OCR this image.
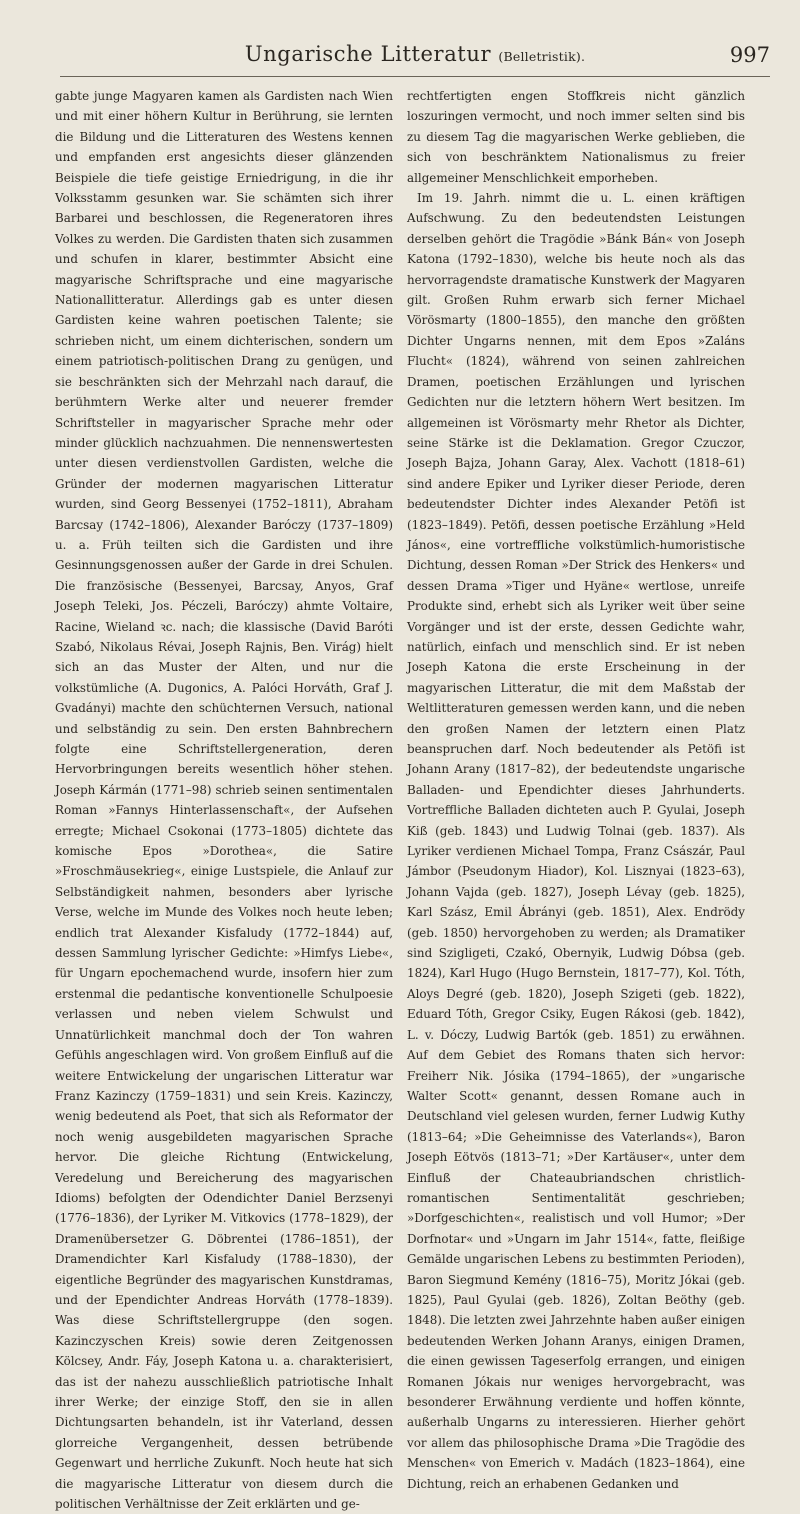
Ungarische Litteratur (Belletristik).	997

gabte junge Magyaren kamen als Gardisten nach Wien und mit einer höhern Kultur in Berührung, sie lernten die Bildung und die Litteraturen des Westens kennen und empfanden erst angesichts dieser glänzenden Beispiele die tiefe geistige Erniedrigung, in die ihr Volksstamm gesunken war. Sie schämten sich ihrer Barbarei und beschlossen, die Regeneratoren ihres Volkes zu werden. Die Gardisten thaten sich zusammen und schufen in klarer, bestimmter Absicht eine magyarische Schriftsprache und eine magyarische Nationallitteratur. Allerdings gab es unter diesen Gardisten keine wahren poetischen Talente; sie schrieben nicht, um einem dichterischen, sondern um einem patriotisch-politischen Drang zu genügen, und sie beschränkten sich der Mehrzahl nach darauf, die berühmtern Werke alter und neuerer fremder Schriftsteller in magyarischer Sprache mehr oder minder glücklich nachzuahmen. Die nennenswertesten unter diesen verdienstvollen Gardisten, welche die Gründer der modernen magyarischen Litteratur wurden, sind Georg Bessenyei (1752–1811), Abraham Barcsay (1742–1806), Alexander Baróczy (1737–1809) u. a. Früh teilten sich die Gardisten und ihre Gesinnungsgenossen außer der Garde in drei Schulen. Die französische (Bessenyei, Barcsay, Anyos, Graf Joseph Teleki, Jos. Péczeli, Baróczy) ahmte Voltaire, Racine, Wieland ꝛc. nach; die klassische (David Baróti Szabó, Nikolaus Révai, Joseph Rajnis, Ben. Virág) hielt sich an das Muster der Alten, und nur die volkstümliche (A. Dugonics, A. Palóci Horváth, Graf J. Gvadányi) machte den schüchternen Versuch, national und selbständig zu sein. Den ersten Bahnbrechern folgte eine Schriftstellergeneration, deren Hervorbringungen bereits wesentlich höher stehen. Joseph Kármán (1771–98) schrieb seinen sentimentalen Roman »Fannys Hinterlassenschaft«, der Aufsehen erregte; Michael Csokonai (1773–1805) dichtete das komische Epos »Dorothea«, die Satire »Froschmäusekrieg«, einige Lustspiele, die Anlauf zur Selbständigkeit nahmen, besonders aber lyrische Verse, welche im Munde des Volkes noch heute leben; endlich trat Alexander Kisfaludy (1772–1844) auf, dessen Sammlung lyrischer Gedichte: »Himfys Liebe«, für Ungarn epochemachend wurde, insofern hier zum erstenmal die pedantische konventionelle Schulpoesie verlassen und neben vielem Schwulst und Unnatürlichkeit manchmal doch der Ton wahren Gefühls angeschlagen wird. Von großem Einfluß auf die weitere Entwickelung der ungarischen Litteratur war Franz Kazinczy (1759–1831) und sein Kreis. Kazinczy, wenig bedeutend als Poet, that sich als Reformator der noch wenig ausgebildeten magyarischen Sprache hervor. Die gleiche Richtung (Entwickelung, Veredelung und Bereicherung des magyarischen Idioms) befolgten der Odendichter Daniel Berzsenyi (1776–1836), der Lyriker M. Vitkovics (1778–1829), der Dramenübersetzer G. Döbrentei (1786–1851), der Dramendichter Karl Kisfaludy (1788–1830), der eigentliche Begründer des magyarischen Kunstdramas, und der Ependichter Andreas Horváth (1778–1839). Was diese Schriftstellergruppe (den sogen. Kazinczyschen Kreis) sowie deren Zeitgenossen Kölcsey, Andr. Fáy, Joseph Katona u. a. charakterisiert, das ist der nahezu ausschließlich patriotische Inhalt ihrer Werke; der einzige Stoff, den sie in allen Dichtungsarten behandeln, ist ihr Vaterland, dessen glorreiche Vergangenheit, dessen betrübende Gegenwart und herrliche Zukunft. Noch heute hat sich die magyarische Litteratur von diesem durch die politischen Verhältnisse der Zeit erklärten und ge-

rechtfertigten engen Stoffkreis nicht gänzlich loszuringen vermocht, und noch immer selten sind bis zu diesem Tag die magyarischen Werke geblieben, die sich von beschränktem Nationalismus zu freier allgemeiner Menschlichkeit emporheben.

Im 19. Jahrh. nimmt die u. L. einen kräftigen Aufschwung. Zu den bedeutendsten Leistungen derselben gehört die Tragödie »Bánk Bán« von Joseph Katona (1792–1830), welche bis heute noch als das hervorragendste dramatische Kunstwerk der Magyaren gilt. Großen Ruhm erwarb sich ferner Michael Vörösmarty (1800–1855), den manche den größten Dichter Ungarns nennen, mit dem Epos »Zaláns Flucht« (1824), während von seinen zahlreichen Dramen, poetischen Erzählungen und lyrischen Gedichten nur die letztern höhern Wert besitzen. Im allgemeinen ist Vörösmarty mehr Rhetor als Dichter, seine Stärke ist die Deklamation. Gregor Czuczor, Joseph Bajza, Johann Garay, Alex. Vachott (1818–61) sind andere Epiker und Lyriker dieser Periode, deren bedeutendster Dichter indes Alexander Petöfi ist (1823–1849). Petöfi, dessen poetische Erzählung »Held János«, eine vortreffliche volkstümlich-humoristische Dichtung, dessen Roman »Der Strick des Henkers« und dessen Drama »Tiger und Hyäne« wertlose, unreife Produkte sind, erhebt sich als Lyriker weit über seine Vorgänger und ist der erste, dessen Gedichte wahr, natürlich, einfach und menschlich sind. Er ist neben Joseph Katona die erste Erscheinung in der magyarischen Litteratur, die mit dem Maßstab der Weltlitteraturen gemessen werden kann, und die neben den großen Namen der letztern einen Platz beanspruchen darf. Noch bedeutender als Petöfi ist Johann Arany (1817–82), der bedeutendste ungarische Balladen- und Ependichter dieses Jahrhunderts. Vortreffliche Balladen dichteten auch P. Gyulai, Joseph Kiß (geb. 1843) und Ludwig Tolnai (geb. 1837). Als Lyriker verdienen Michael Tompa, Franz Császár, Paul Jámbor (Pseudonym Hiador), Kol. Lisznyai (1823–63), Johann Vajda (geb. 1827), Joseph Lévay (geb. 1825), Karl Szász, Emil Ábrányi (geb. 1851), Alex. Endrödy (geb. 1850) hervorgehoben zu werden; als Dramatiker sind Szigligeti, Czakó, Obernyik, Ludwig Dóbsa (geb. 1824), Karl Hugo (Hugo Bernstein, 1817–77), Kol. Tóth, Aloys Degré (geb. 1820), Joseph Szigeti (geb. 1822), Eduard Tóth, Gregor Csiky, Eugen Rákosi (geb. 1842), L. v. Dóczy, Ludwig Bartók (geb. 1851) zu erwähnen. Auf dem Gebiet des Romans thaten sich hervor: Freiherr Nik. Jósika (1794–1865), der »ungarische Walter Scott« genannt, dessen Romane auch in Deutschland viel gelesen wurden, ferner Ludwig Kuthy (1813–64; »Die Geheimnisse des Vaterlands«), Baron Joseph Eötvös (1813–71; »Der Kartäuser«, unter dem Einfluß der Chateaubriandschen christlich-romantischen Sentimentalität geschrieben; »Dorfgeschichten«, realistisch und voll Humor; »Der Dorfnotar« und »Ungarn im Jahr 1514«, fatte, fleißige Gemälde ungarischen Lebens zu bestimmten Perioden), Baron Siegmund Kemény (1816–75), Moritz Jókai (geb. 1825), Paul Gyulai (geb. 1826), Zoltan Beöthy (geb. 1848). Die letzten zwei Jahrzehnte haben außer einigen bedeutenden Werken Johann Aranys, einigen Dramen, die einen gewissen Tageserfolg errangen, und einigen Romanen Jókais nur weniges hervorgebracht, was besonderer Erwähnung verdiente und hoffen könnte, außerhalb Ungarns zu interessieren. Hierher gehört vor allem das philosophische Drama »Die Tragödie des Menschen« von Emerich v. Madách (1823–1864), eine Dichtung, reich an erhabenen Gedanken und
